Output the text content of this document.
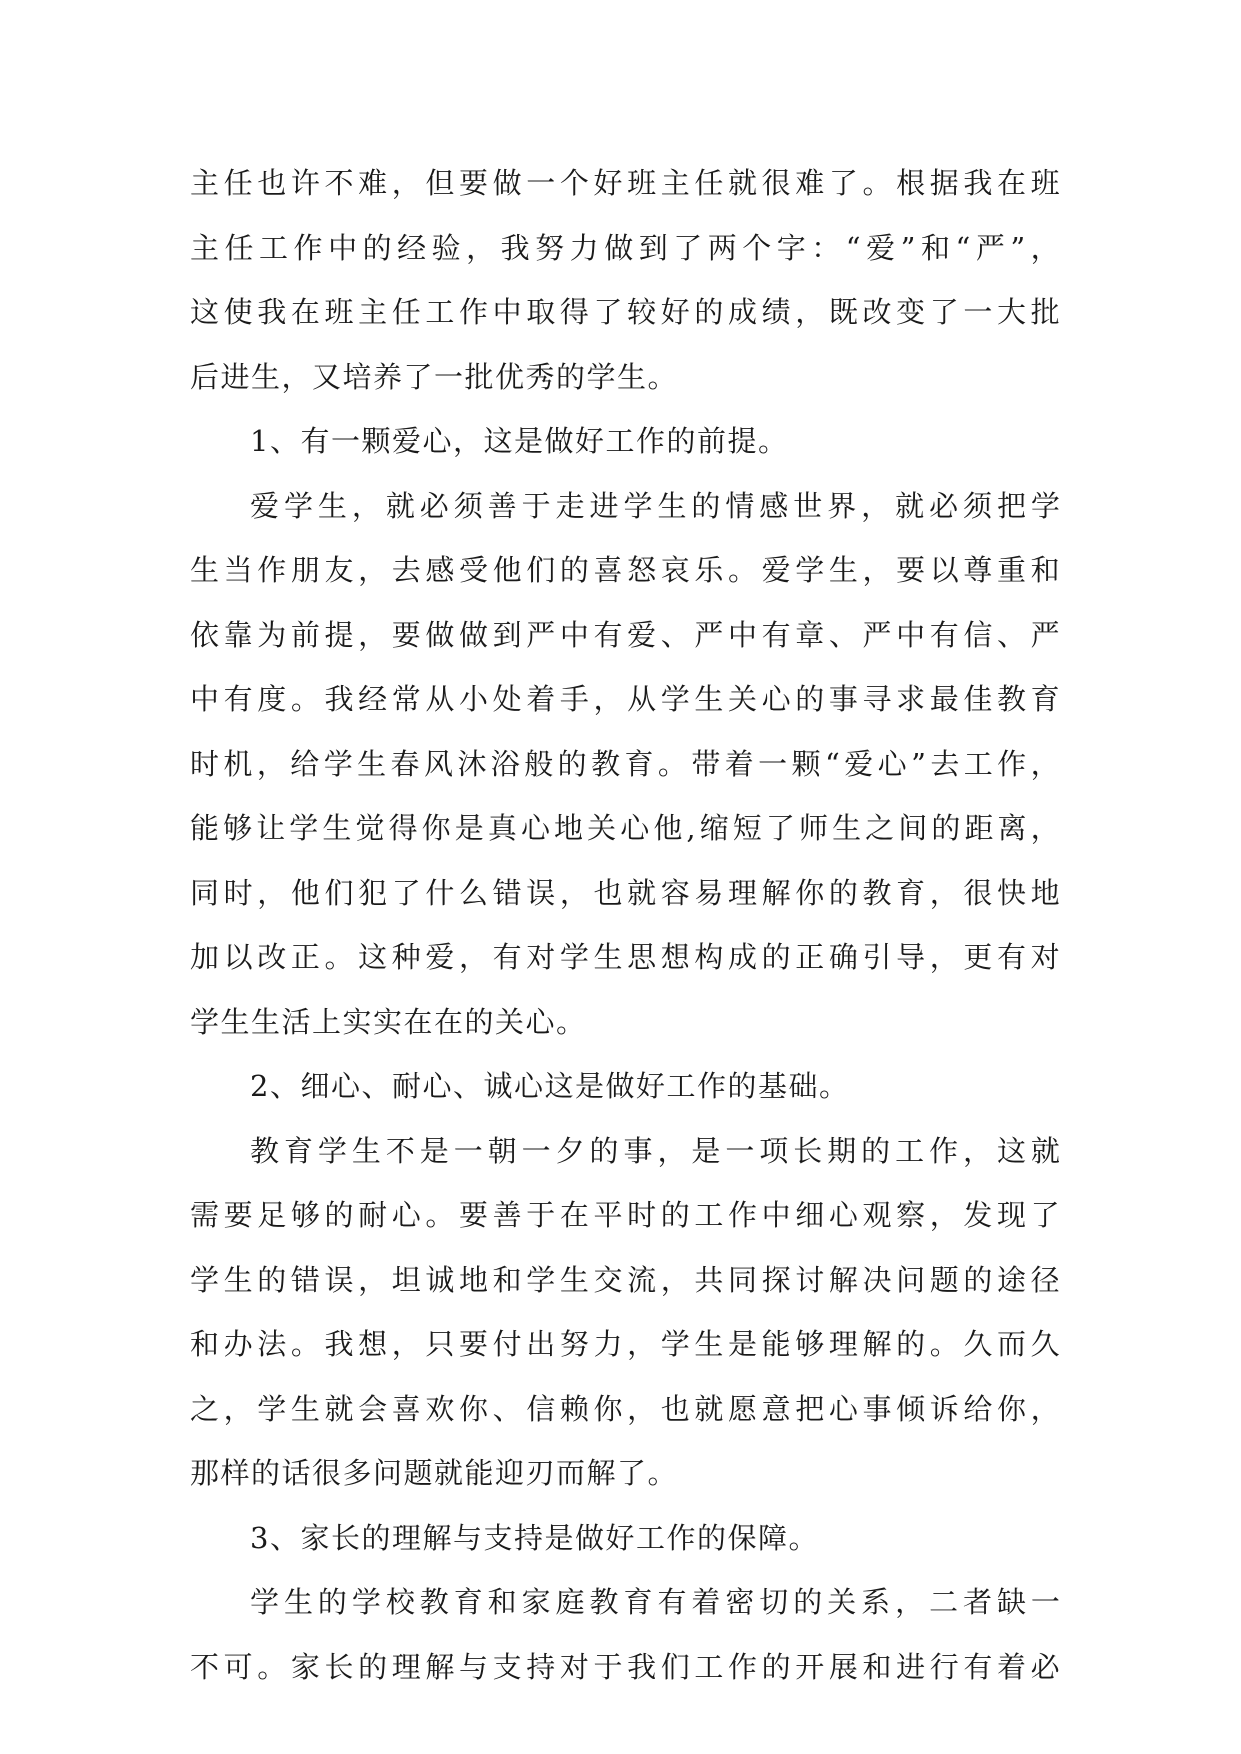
主 任 也 许 不 难 ， 但 要 做 一 个 好 班 主 任 就 很 难 了 。 根 据 我 在 班
主 任 工 作 中 的 经 验 ， 我 努 力 做 到 了 两 个 字 ： “ 爱 ” 和 “ 严 ” ，
这 使 我 在 班 主 任 工 作 中 取 得 了 较 好 的 成 绩 ， 既 改 变 了 一 大 批
后进生，又培养了一批优秀的学生。
1、有一颗爱心，这是做好工作的前提。
爱 学 生 ， 就 必 须 善 于 走 进 学 生 的 情 感 世 界 ， 就 必 须 把 学
生 当 作 朋 友 ， 去 感 受 他 们 的 喜 怒 哀 乐 。 爱 学 生 ， 要 以 尊 重 和
依 靠 为 前 提 ， 要 做 做 到 严 中 有 爱 、 严 中 有 章 、 严 中 有 信 、 严
中 有 度 。 我 经 常 从 小 处 着 手 ， 从 学 生 关 心 的 事 寻 求 最 佳 教 育
时 机 ， 给 学 生 春 风 沐 浴 般 的 教 育 。 带 着 一 颗 “ 爱 心 ” 去 工 作 ，
能 够 让 学 生 觉 得 你 是 真 心 地 关 心 他 , 缩 短 了 师 生 之 间 的 距 离 ，
同 时 ， 他 们 犯 了 什 么 错 误 ， 也 就 容 易 理 解 你 的 教 育 ， 很 快 地
加 以 改 正 。 这 种 爱 ， 有 对 学 生 思 想 构 成 的 正 确 引 导 ， 更 有 对
学生生活上实实在在的关心。
2、细心、耐心、诚心这是做好工作的基础。
教 育 学 生 不 是 一 朝 一 夕 的 事 ， 是 一 项 长 期 的 工 作 ， 这 就
需 要 足 够 的 耐 心 。 要 善 于 在 平 时 的 工 作 中 细 心 观 察 ， 发 现 了
学 生 的 错 误 ， 坦 诚 地 和 学 生 交 流 ， 共 同 探 讨 解 决 问 题 的 途 径
和 办 法 。 我 想 ， 只 要 付 出 努 力 ， 学 生 是 能 够 理 解 的 。 久 而 久
之 ， 学 生 就 会 喜 欢 你 、 信 赖 你 ， 也 就 愿 意 把 心 事 倾 诉 给 你 ，
那样的话很多问题就能迎刃而解了。
3、家长的理解与支持是做好工作的保障。
学 生 的 学 校 教 育 和 家 庭 教 育 有 着 密 切 的 关 系 ， 二 者 缺 一
不 可 。 家 长 的 理 解 与 支 持 对 于 我 们 工 作 的 开 展 和 进 行 有 着 必
